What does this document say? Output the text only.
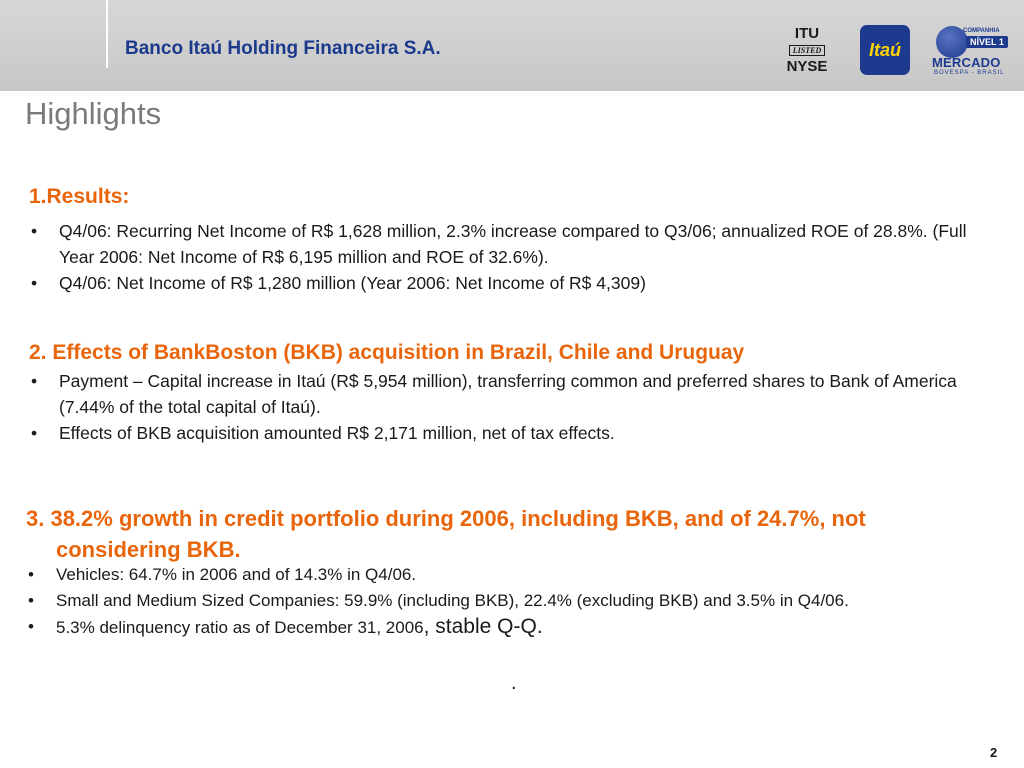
Banco Itaú Holding Financeira S.A.
ITU
LISTED
NYSE
Itaú
COMPANHIA
NÍVEL 1
MERCADO
BOVESPA - BRASIL
Highlights
1.Results:
• Q4/06: Recurring Net Income of R$ 1,628 million, 2.3% increase compared to Q3/06; annualized ROE of 28.8%. (Full Year 2006: Net Income of R$ 6,195 million and ROE of 32.6%).
• Q4/06: Net Income of R$ 1,280 million (Year 2006: Net Income of R$ 4,309)
2. Effects of BankBoston (BKB) acquisition in Brazil, Chile and Uruguay
• Payment – Capital increase in Itaú (R$ 5,954 million), transferring common and preferred shares to Bank of America (7.44% of the total capital of Itaú).
• Effects of BKB acquisition amounted R$ 2,171 million, net of tax effects.
3. 38.2% growth in credit portfolio during 2006, including BKB, and of 24.7%, not
considering BKB.
• Vehicles: 64.7% in 2006 and of 14.3% in Q4/06.
• Small and Medium Sized Companies: 59.9% (including BKB), 22.4% (excluding BKB) and 3.5% in Q4/06.
• 5.3% delinquency ratio as of December 31, 2006, stable Q-Q.
.
2
